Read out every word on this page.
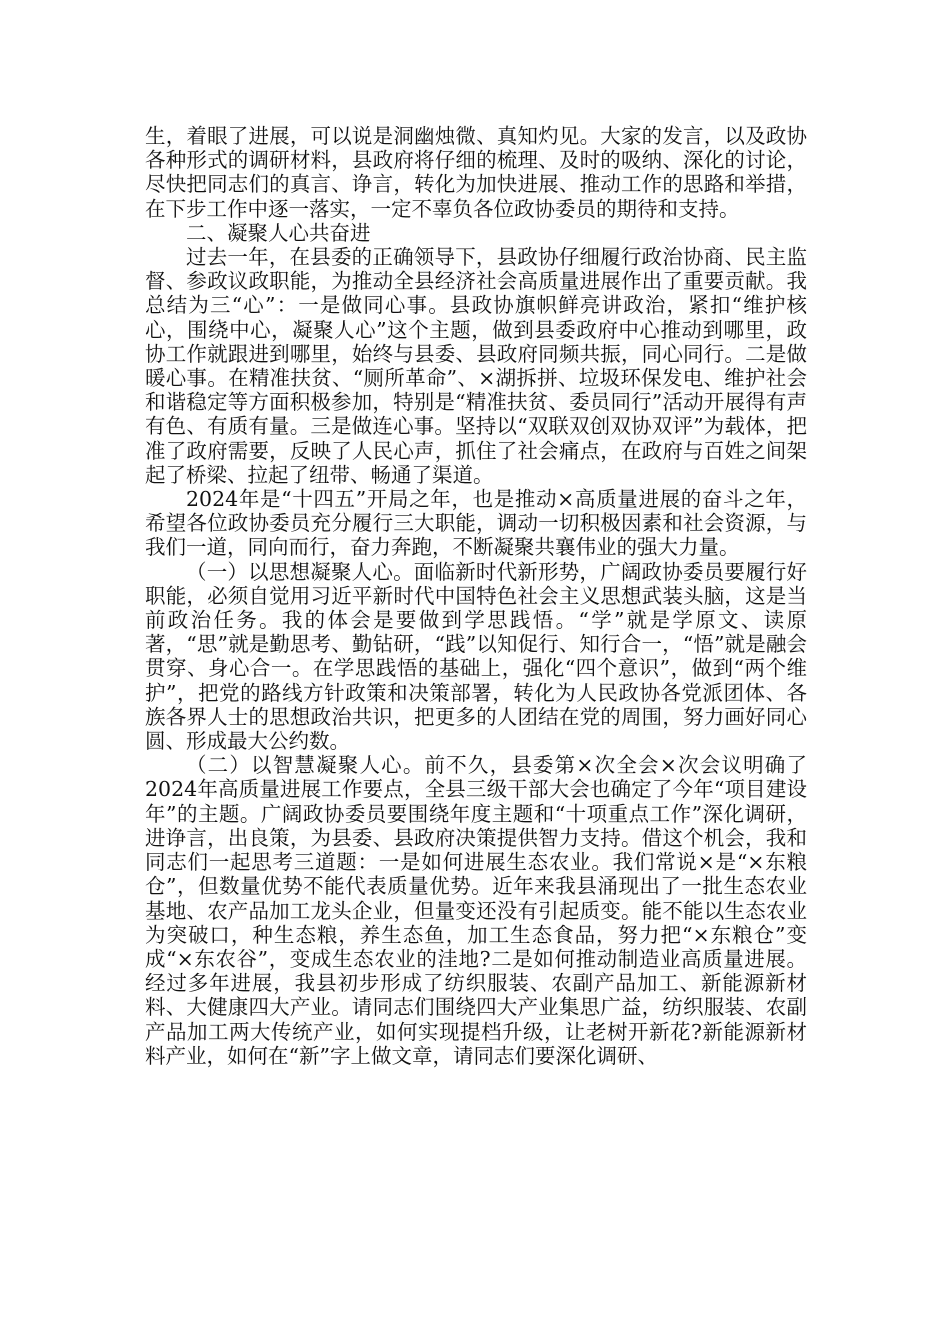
生，着眼了进展，可以说是洞幽烛微、真知灼见。大家的发言，以及政协各种形式的调研材料，县政府将仔细的梳理、及时的吸纳、深化的讨论，尽快把同志们的真言、诤言，转化为加快进展、推动工作的思路和举措，在下步工作中逐一落实，一定不辜负各位政协委员的期待和支持。

二、凝聚人心共奋进

过去一年，在县委的正确领导下，县政协仔细履行政治协商、民主监督、参政议政职能，为推动全县经济社会高质量进展作出了重要贡献。我总结为三“心”：一是做同心事。县政协旗帜鲜亮讲政治，紧扣“维护核心，围绕中心，凝聚人心”这个主题，做到县委政府中心推动到哪里，政协工作就跟进到哪里，始终与县委、县政府同频共振，同心同行。二是做暖心事。在精准扶贫、“厕所革命”、×湖拆拼、垃圾环保发电、维护社会和谐稳定等方面积极参加，特别是“精准扶贫、委员同行”活动开展得有声有色、有质有量。三是做连心事。坚持以“双联双创双协双评”为载体，把准了政府需要，反映了人民心声，抓住了社会痛点，在政府与百姓之间架起了桥梁、拉起了纽带、畅通了渠道。

2024年是“十四五”开局之年，也是推动×高质量进展的奋斗之年，希望各位政协委员充分履行三大职能，调动一切积极因素和社会资源，与我们一道，同向而行，奋力奔跑，不断凝聚共襄伟业的强大力量。

（一）以思想凝聚人心。面临新时代新形势，广阔政协委员要履行好职能，必须自觉用习近平新时代中国特色社会主义思想武装头脑，这是当前政治任务。我的体会是要做到学思践悟。“学”就是学原文、读原著，“思”就是勤思考、勤钻研，“践”以知促行、知行合一，“悟”就是融会贯穿、身心合一。在学思践悟的基础上，强化“四个意识”，做到“两个维护”，把党的路线方针政策和决策部署，转化为人民政协各党派团体、各族各界人士的思想政治共识，把更多的人团结在党的周围，努力画好同心圆、形成最大公约数。

（二）以智慧凝聚人心。前不久，县委第×次全会×次会议明确了2024年高质量进展工作要点，全县三级干部大会也确定了今年“项目建设年”的主题。广阔政协委员要围绕年度主题和“十项重点工作”深化调研，进诤言，出良策，为县委、县政府决策提供智力支持。借这个机会，我和同志们一起思考三道题：一是如何进展生态农业。我们常说×是“×东粮仓”，但数量优势不能代表质量优势。近年来我县涌现出了一批生态农业基地、农产品加工龙头企业，但量变还没有引起质变。能不能以生态农业为突破口，种生态粮，养生态鱼，加工生态食品，努力把“×东粮仓”变成“×东农谷”，变成生态农业的洼地?二是如何推动制造业高质量进展。经过多年进展，我县初步形成了纺织服装、农副产品加工、新能源新材料、大健康四大产业。请同志们围绕四大产业集思广益，纺织服装、农副产品加工两大传统产业，如何实现提档升级，让老树开新花?新能源新材料产业，如何在“新”字上做文章，请同志们要深化调研、
